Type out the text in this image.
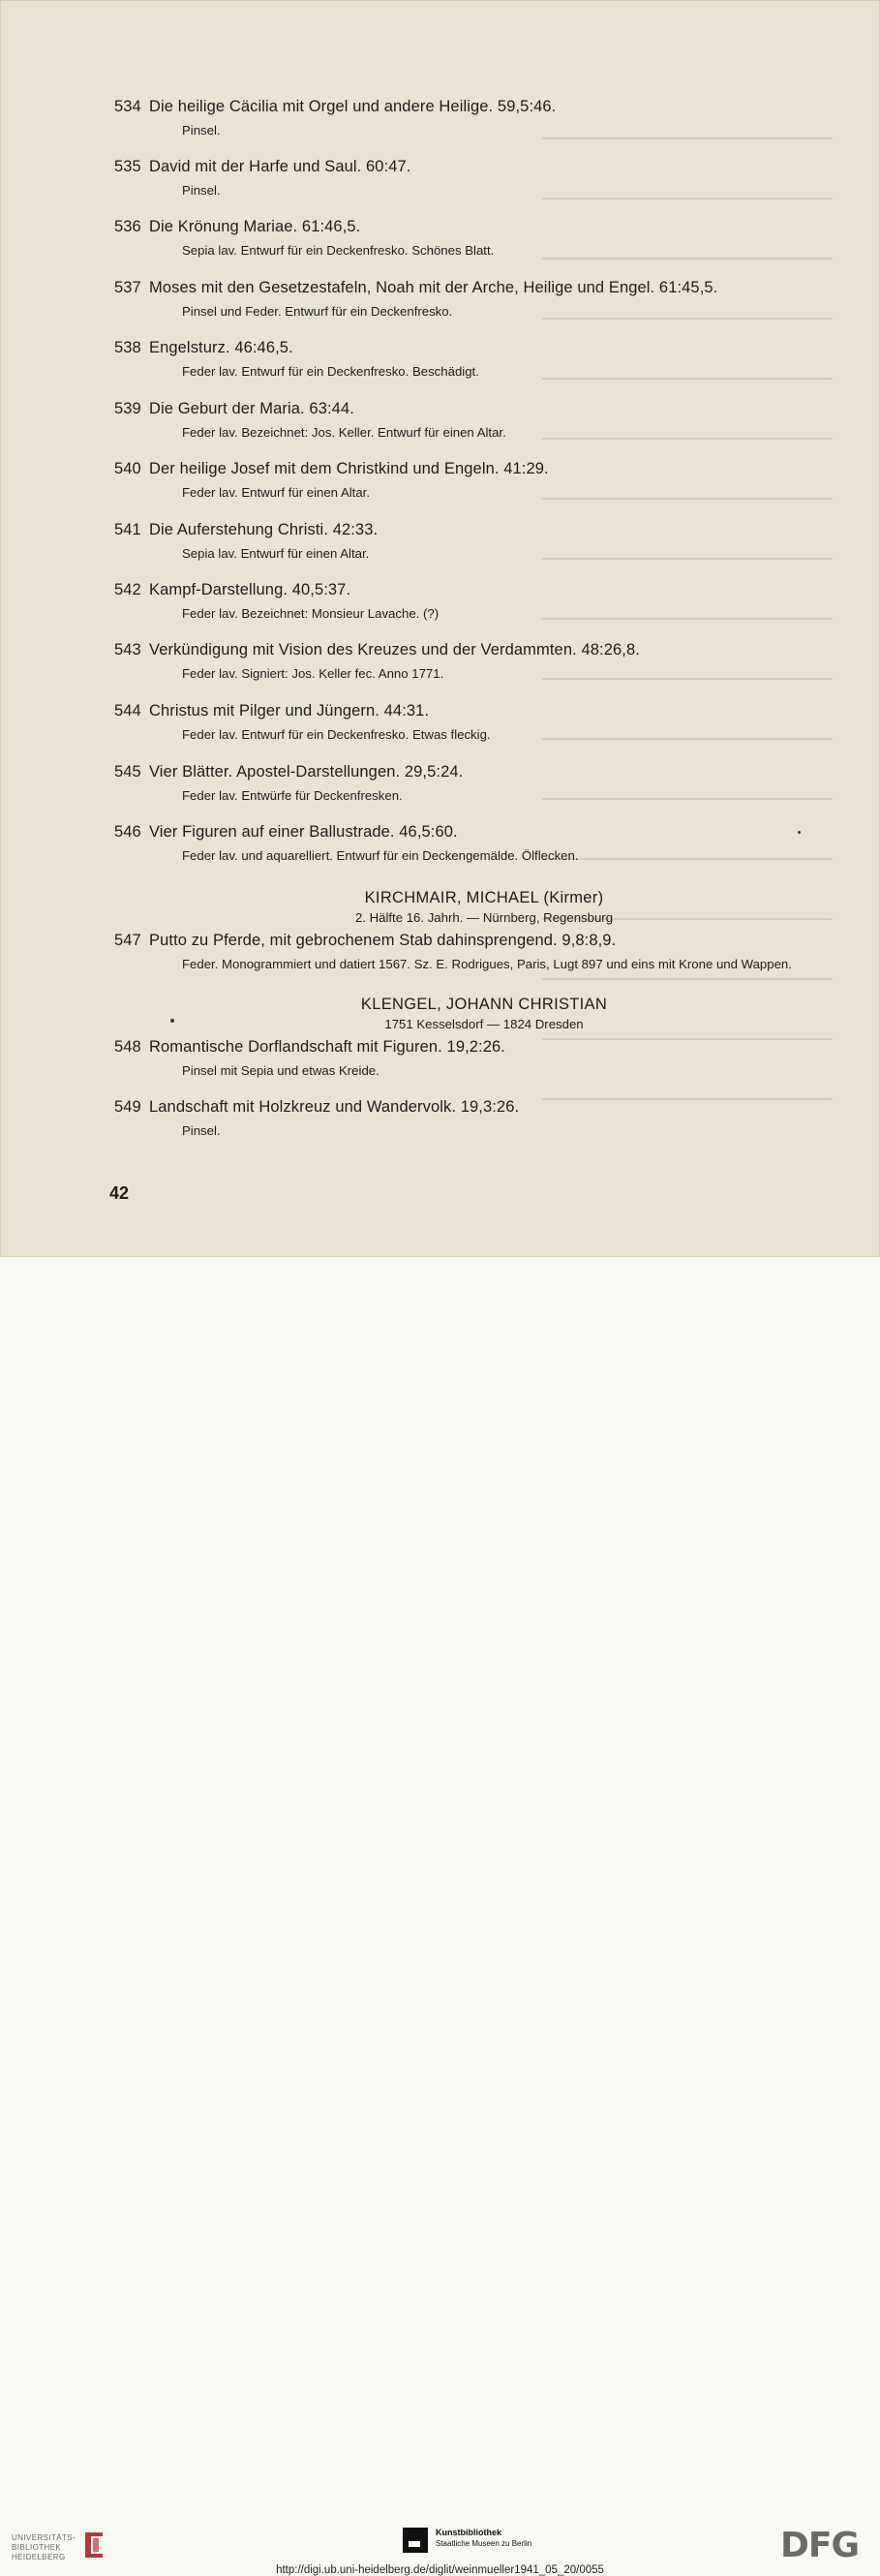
534 Die heilige Cäcilia mit Orgel und andere Heilige. 59,5:46.
Pinsel.
535 David mit der Harfe und Saul. 60:47.
Pinsel.
536 Die Krönung Mariae. 61:46,5.
Sepia lav. Entwurf für ein Deckenfresko. Schönes Blatt.
537 Moses mit den Gesetzestafeln, Noah mit der Arche, Heilige und Engel. 61:45,5.
Pinsel und Feder. Entwurf für ein Deckenfresko.
538 Engelsturz. 46:46,5.
Feder lav. Entwurf für ein Deckenfresko. Beschädigt.
539 Die Geburt der Maria. 63:44.
Feder lav. Bezeichnet: Jos. Keller. Entwurf für einen Altar.
540 Der heilige Josef mit dem Christkind und Engeln. 41:29.
Feder lav. Entwurf für einen Altar.
541 Die Auferstehung Christi. 42:33.
Sepia lav. Entwurf für einen Altar.
542 Kampf-Darstellung. 40,5:37.
Feder lav. Bezeichnet: Monsieur Lavache. (?)
543 Verkündigung mit Vision des Kreuzes und der Verdammten. 48:26,8.
Feder lav. Signiert: Jos. Keller fec. Anno 1771.
544 Christus mit Pilger und Jüngern. 44:31.
Feder lav. Entwurf für ein Deckenfresko. Etwas fleckig.
545 Vier Blätter. Apostel-Darstellungen. 29,5:24.
Feder lav. Entwürfe für Deckenfresken.
546 Vier Figuren auf einer Ballustrade. 46,5:60.
Feder lav. und aquarelliert. Entwurf für ein Deckengemälde. Ölflecken.
KIRCHMAIR, MICHAEL (Kirmer)
2. Hälfte 16. Jahrh. — Nürnberg, Regensburg
547 Putto zu Pferde, mit gebrochenem Stab dahinsprengend. 9,8:8,9.
Feder. Monogrammiert und datiert 1567. Sz. E. Rodrigues, Paris, Lugt 897 und eins mit Krone und Wappen.
KLENGEL, JOHANN CHRISTIAN
1751 Kesselsdorf — 1824 Dresden
548 Romantische Dorflandschaft mit Figuren. 19,2:26.
Pinsel mit Sepia und etwas Kreide.
549 Landschaft mit Holzkreuz und Wandervolk. 19,3:26.
Pinsel.
42
UNIVERSITÄTS-BIBLIOTHEK HEIDELBERG
Kunstbibliothek
Staatliche Museen zu Berlin	DFG
http://digi.ub.uni-heidelberg.de/diglit/weinmueller1941_05_20/0055
